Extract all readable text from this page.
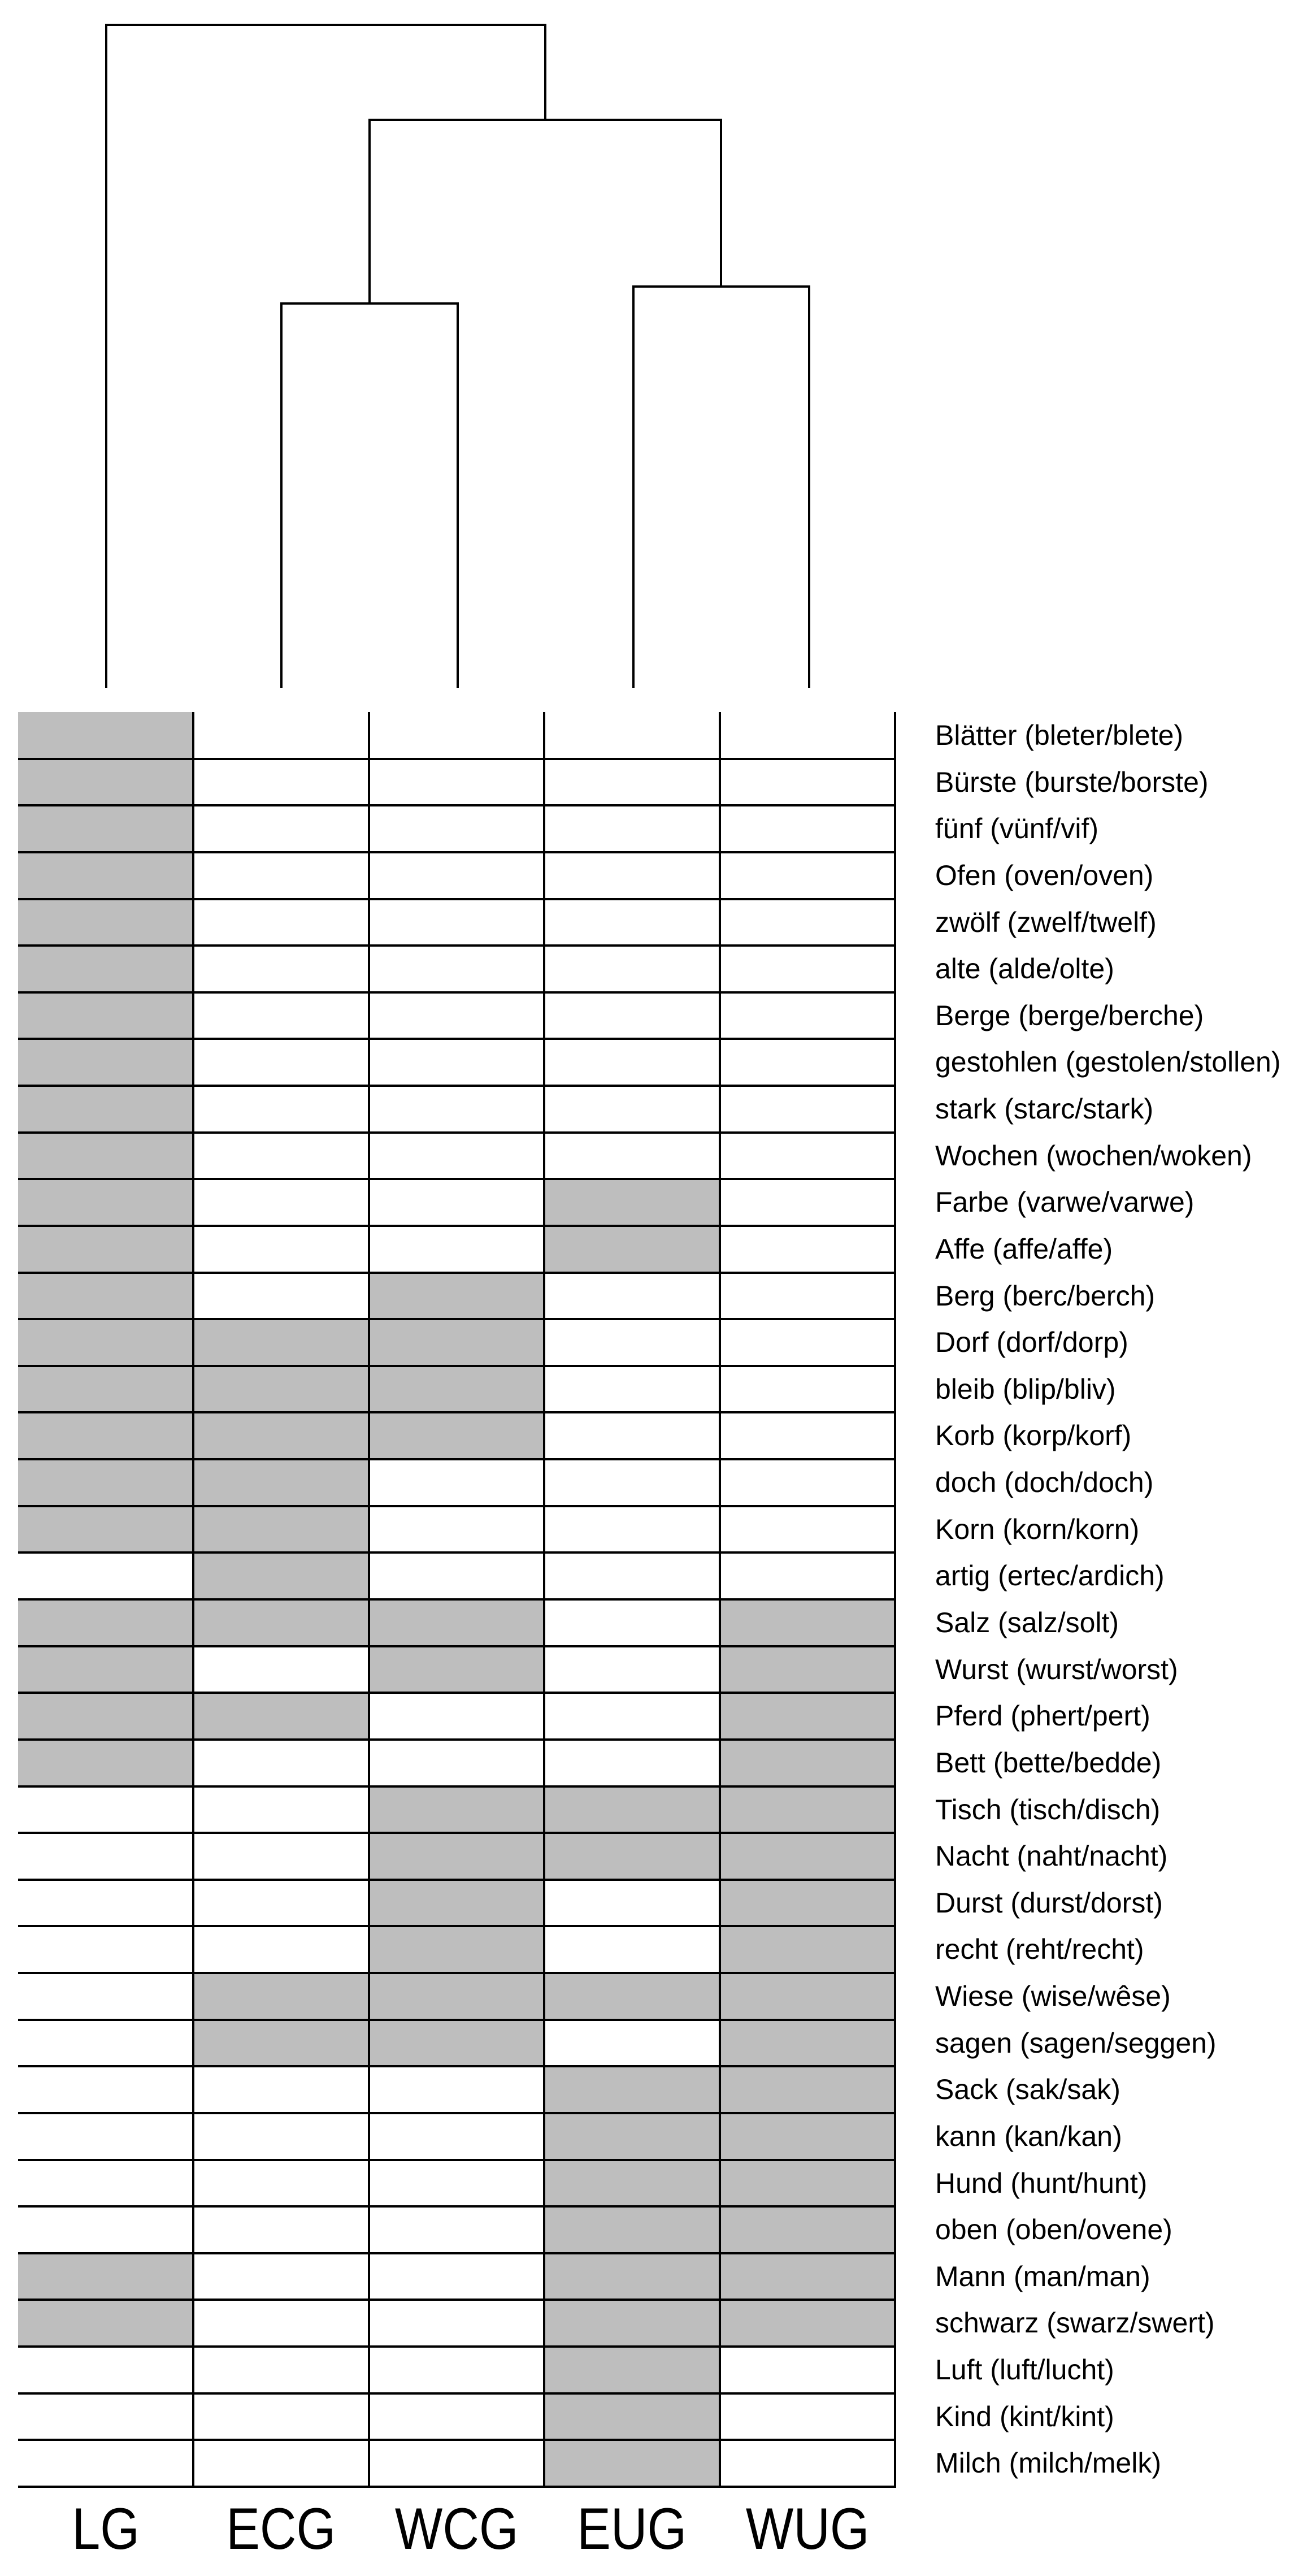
Blätter (bleter/blete)
Bürste (burste/borste)
fünf (vünf/vif)
Ofen (oven/oven)
zwölf (zwelf/twelf)
alte (alde/olte)
Berge (berge/berche)
gestohlen (gestolen/stollen)
stark (starc/stark)
Wochen (wochen/woken)
Farbe (varwe/varwe)
Affe (affe/affe)
Berg (berc/berch)
Dorf (dorf/dorp)
bleib (blip/bliv)
Korb (korp/korf)
doch (doch/doch)
Korn (korn/korn)
artig (ertec/ardich)
Salz (salz/solt)
Wurst (wurst/worst)
Pferd (phert/pert)
Bett (bette/bedde)
Tisch (tisch/disch)
Nacht (naht/nacht)
Durst (durst/dorst)
recht (reht/recht)
Wiese (wise/wêse)
sagen (sagen/seggen)
Sack (sak/sak)
kann (kan/kan)
Hund (hunt/hunt)
oben (oben/ovene)
Mann (man/man)
schwarz (swarz/swert)
Luft (luft/lucht)
Kind (kint/kint)
Milch (milch/melk)
LG	ECG	WCG	EUG	WUG
